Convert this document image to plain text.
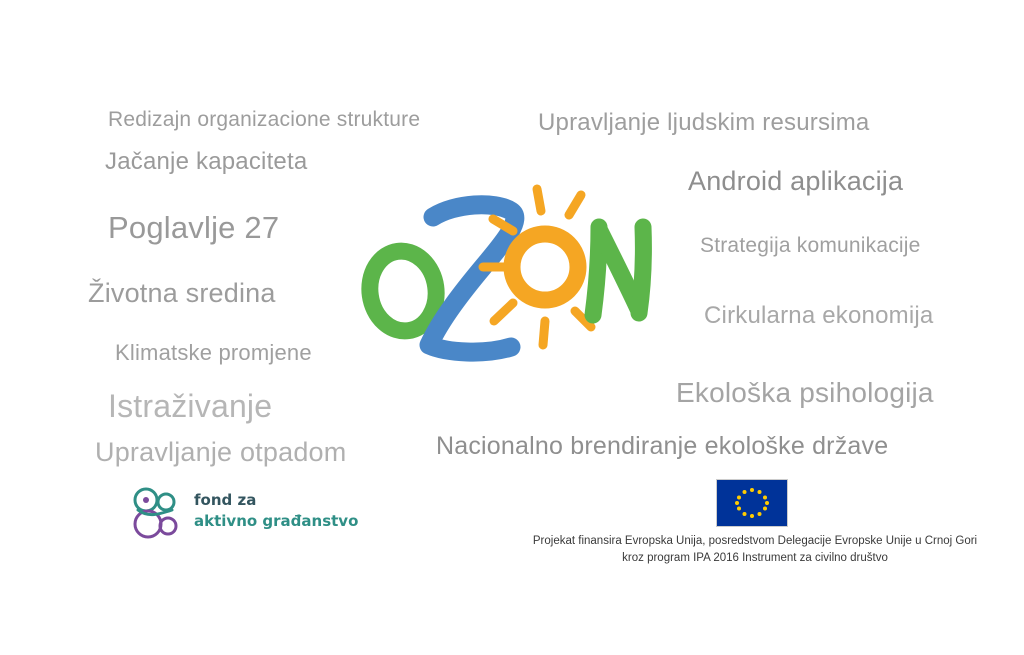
Redizajn organizacione strukture
Jačanje kapaciteta
Poglavlje 27
Životna sredina
Klimatske promjene
Istraživanje
Upravljanje otpadom
Upravljanje ljudskim resursima
Android aplikacija
Strategija komunikacije
Cirkularna ekonomija
Ekološka psihologija
Nacionalno brendiranje ekološke države
fond za
aktivno građanstvo
Projekat finansira Evropska Unija, posredstvom Delegacije Evropske Unije u Crnoj Gori
kroz program IPA 2016 Instrument za civilno društvo
